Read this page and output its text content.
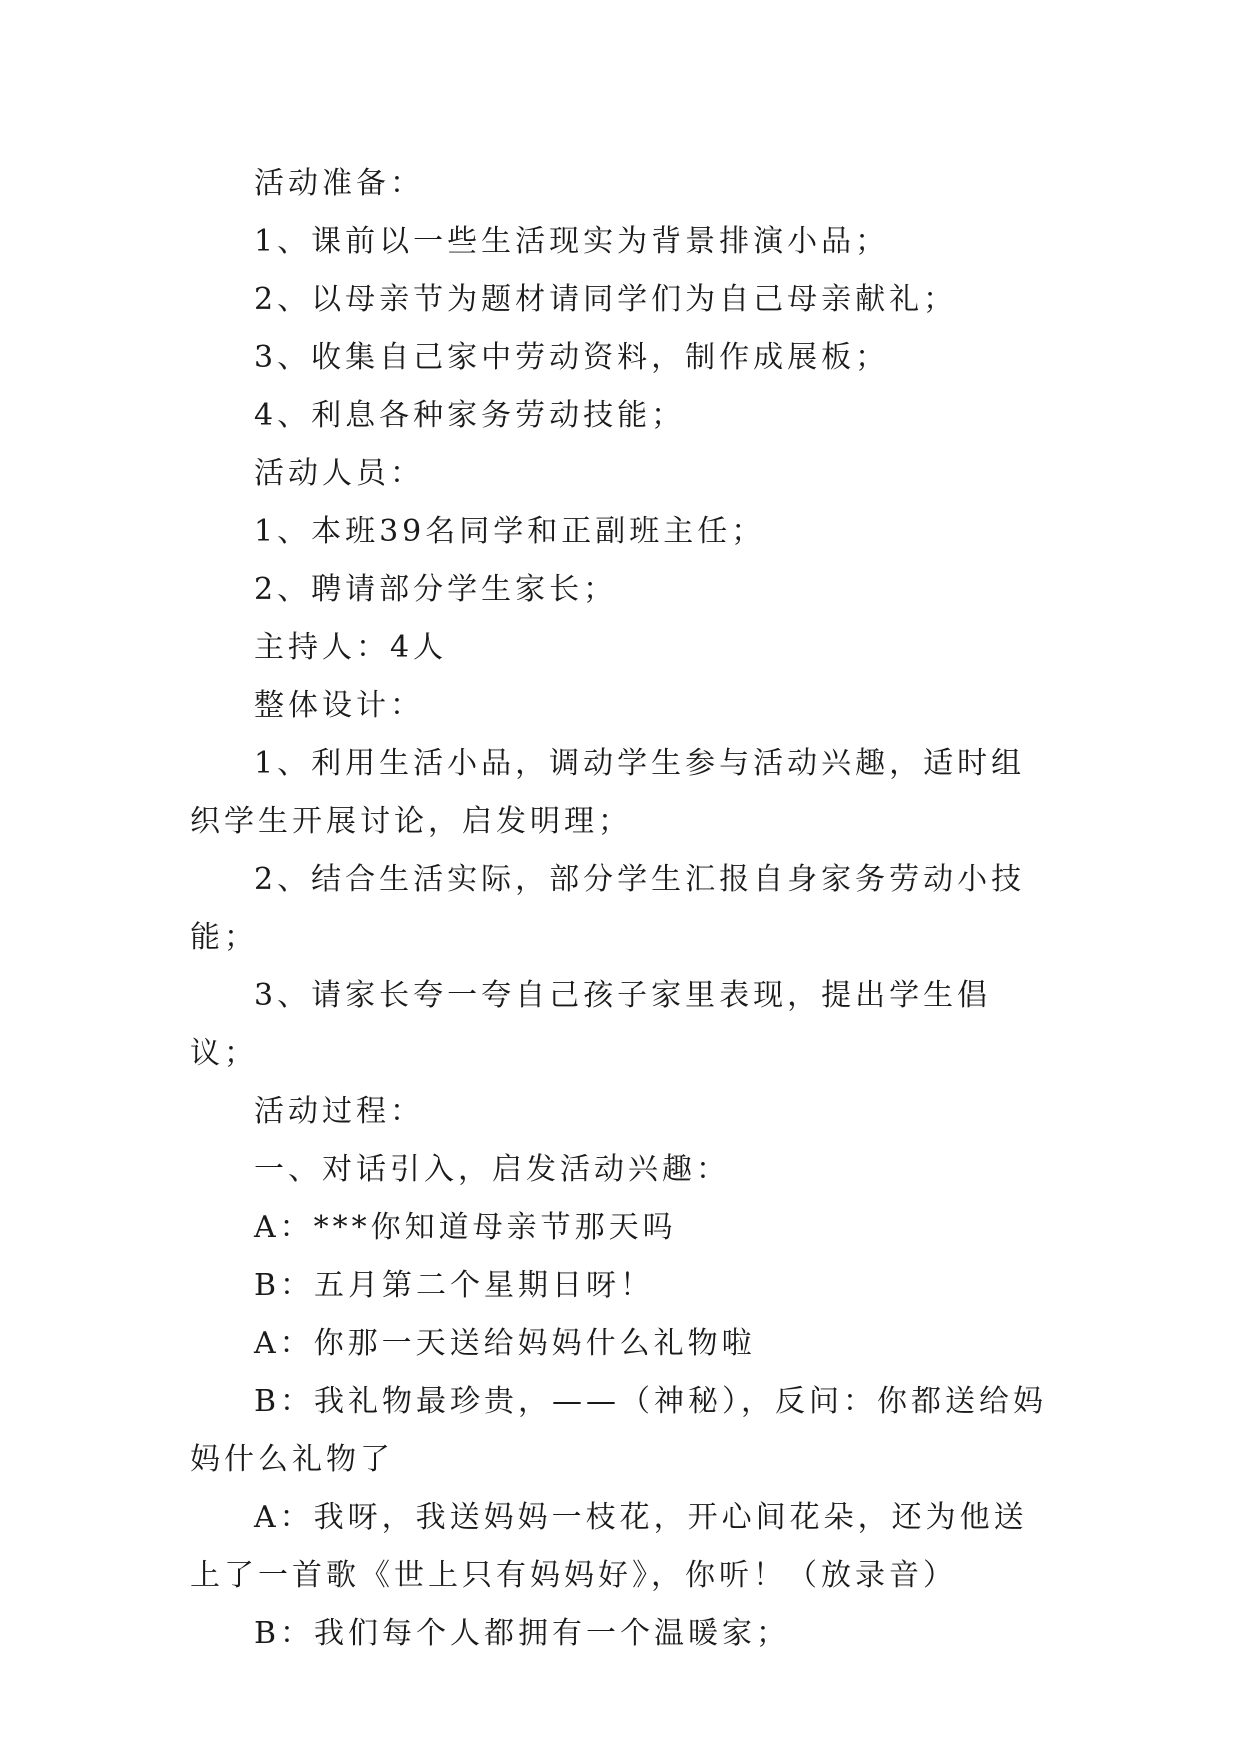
活动准备：

1、课前以一些生活现实为背景排演小品；

2、以母亲节为题材请同学们为自己母亲献礼；

3、收集自己家中劳动资料，制作成展板；

4、利息各种家务劳动技能；

活动人员：

1、本班39名同学和正副班主任；

2、聘请部分学生家长；

主持人：4人

整体设计：

1、利用生活小品，调动学生参与活动兴趣，适时组织学生开展讨论，启发明理；

2、结合生活实际，部分学生汇报自身家务劳动小技能；

3、请家长夸一夸自己孩子家里表现，提出学生倡议；

活动过程：

一、对话引入，启发活动兴趣：

A：***你知道母亲节那天吗

B：五月第二个星期日呀！

A：你那一天送给妈妈什么礼物啦

B：我礼物最珍贵，——（神秘），反问：你都送给妈妈什么礼物了

A：我呀，我送妈妈一枝花，开心间花朵，还为他送上了一首歌《世上只有妈妈好》，你听！（放录音）

B：我们每个人都拥有一个温暖家；
